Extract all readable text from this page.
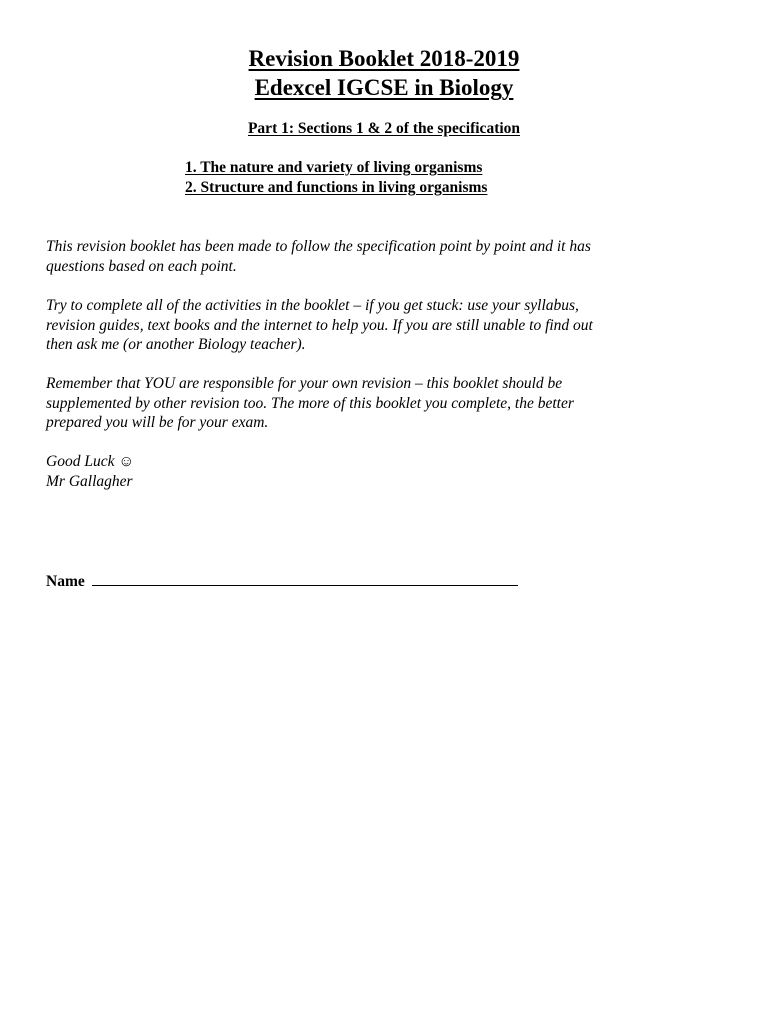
Revision Booklet 2018-2019
Edexcel IGCSE in Biology
Part 1: Sections 1 & 2 of the specification
1. The nature and variety of living organisms
2. Structure and functions in living organisms

This revision booklet has been made to follow the specification point by point and it has
questions based on each point.

Try to complete all of the activities in the booklet – if you get stuck: use your syllabus,
revision guides, text books and the internet to help you. If you are still unable to find out
then ask me (or another Biology teacher).

Remember that YOU are responsible for your own revision – this booklet should be
supplemented by other revision too. The more of this booklet you complete, the better
prepared you will be for your exam.

Good Luck ☺
Mr Gallagher

Name
